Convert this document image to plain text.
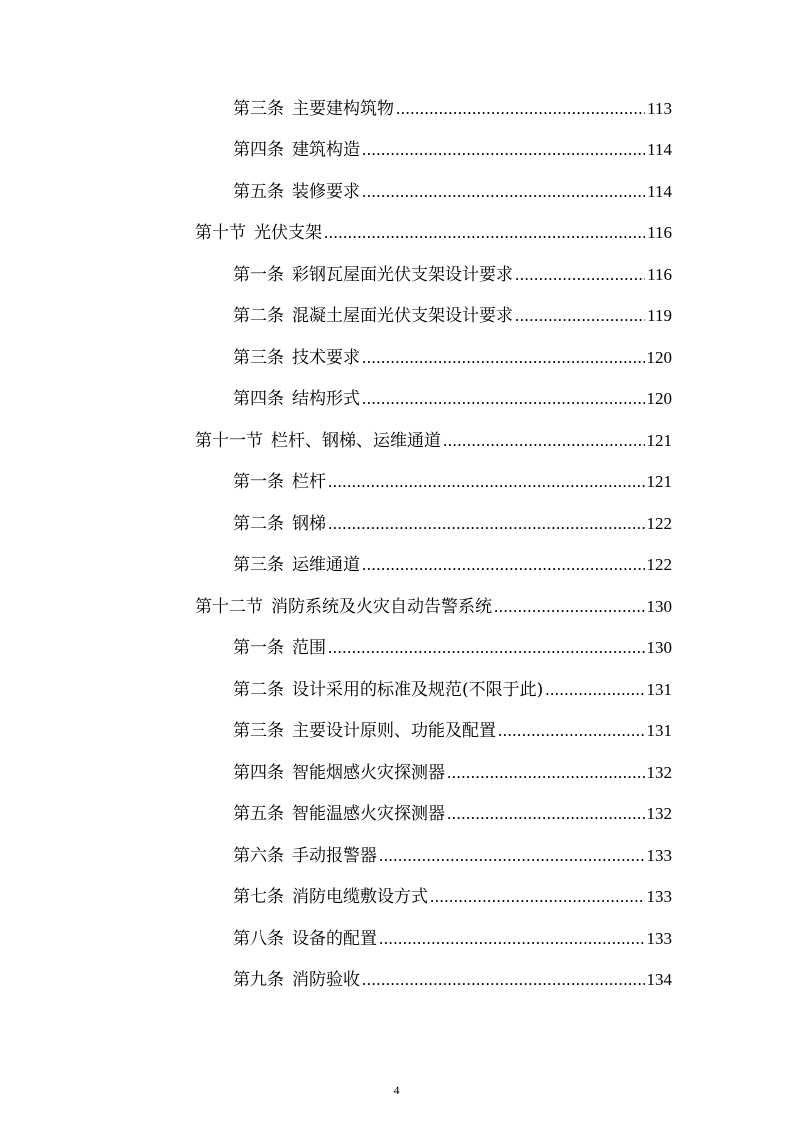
第三条 主要建构筑物 .....	113
第四条 建筑构造 .....	114
第五条 装修要求 .....	114
第十节 光伏支架 .....	116
第一条 彩钢瓦屋面光伏支架设计要求 .....	116
第二条 混凝土屋面光伏支架设计要求 .....	119
第三条 技术要求 .....	120
第四条 结构形式 .....	120
第十一节 栏杆、钢梯、运维通道 .....	121
第一条 栏杆 .....	121
第二条 钢梯 .....	122
第三条 运维通道 .....	122
第十二节 消防系统及火灾自动告警系统 .....	130
第一条 范围 .....	130
第二条 设计采用的标准及规范(不限于此) .....	131
第三条 主要设计原则、功能及配置 .....	131
第四条 智能烟感火灾探测器 .....	132
第五条 智能温感火灾探测器 .....	132
第六条 手动报警器 .....	133
第七条 消防电缆敷设方式 .....	133
第八条 设备的配置 .....	133
第九条 消防验收 .....	134
4
